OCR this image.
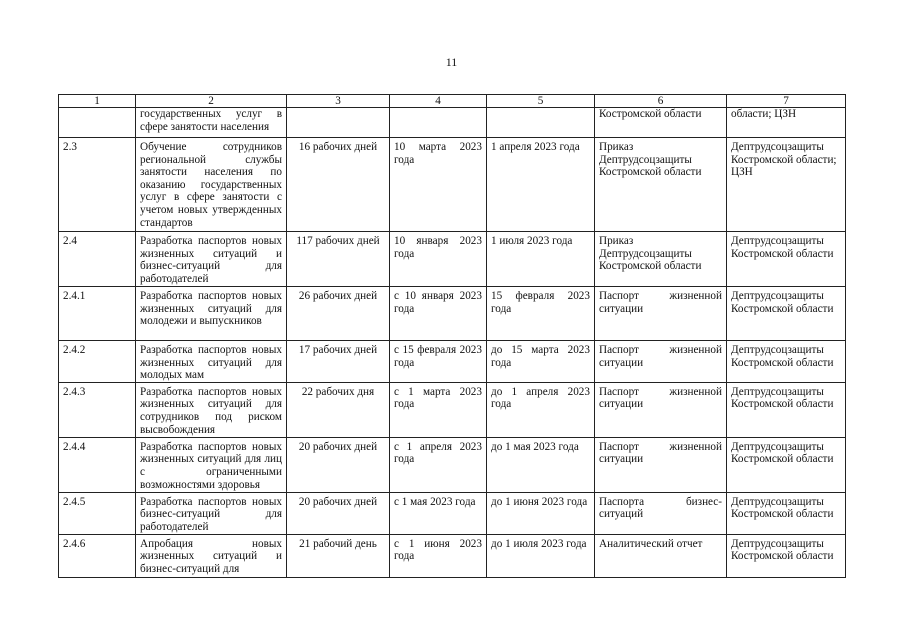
11
1	2	3	4	5	6	7

	государственных услуг в сфере занятости населения				Костромской области	области; ЦЗН

2.3	Обучение сотрудников региональной службы занятости населения по оказанию государственных услуг в сфере занятости с учетом новых утвержденных стандартов	16 рабочих дней	10 марта 2023 года	1 апреля 2023 года	Приказ Дептрудсоцзащиты Костромской области	Дептрудсоцзащиты Костромской области; ЦЗН

2.4	Разработка паспортов новых жизненных ситуаций и бизнес-ситуаций для работодателей	117 рабочих дней	10 января 2023 года	1 июля 2023 года	Приказ Дептрудсоцзащиты Костромской области	Дептрудсоцзащиты Костромской области

2.4.1	Разработка паспортов новых жизненных ситуаций для молодежи и выпускников	26 рабочих дней	с 10 января 2023 года	15 февраля 2023 года	Паспорт жизненной ситуации	Дептрудсоцзащиты Костромской области

2.4.2	Разработка паспортов новых жизненных ситуаций для молодых мам	17 рабочих дней	с 15 февраля 2023 года	до 15 марта 2023 года	Паспорт жизненной ситуации	Дептрудсоцзащиты Костромской области

2.4.3	Разработка паспортов новых жизненных ситуаций для сотрудников под риском высвобождения	22 рабочих дня	с 1 марта 2023 года	до 1 апреля 2023 года	Паспорт жизненной ситуации	Дептрудсоцзащиты Костромской области

2.4.4	Разработка паспортов новых жизненных ситуаций для лиц с ограниченными возможностями здоровья	20 рабочих дней	с 1 апреля 2023 года	до 1 мая 2023 года	Паспорт жизненной ситуации	Дептрудсоцзащиты Костромской области

2.4.5	Разработка паспортов новых бизнес-ситуаций для работодателей	20 рабочих дней	с 1 мая 2023 года	до 1 июня 2023 года	Паспорта бизнес-ситуаций	Дептрудсоцзащиты Костромской области

2.4.6	Апробация новых жизненных ситуаций и бизнес-ситуаций для	21 рабочий день	с 1 июня 2023 года	до 1 июля 2023 года	Аналитический отчет	Дептрудсоцзащиты Костромской области
